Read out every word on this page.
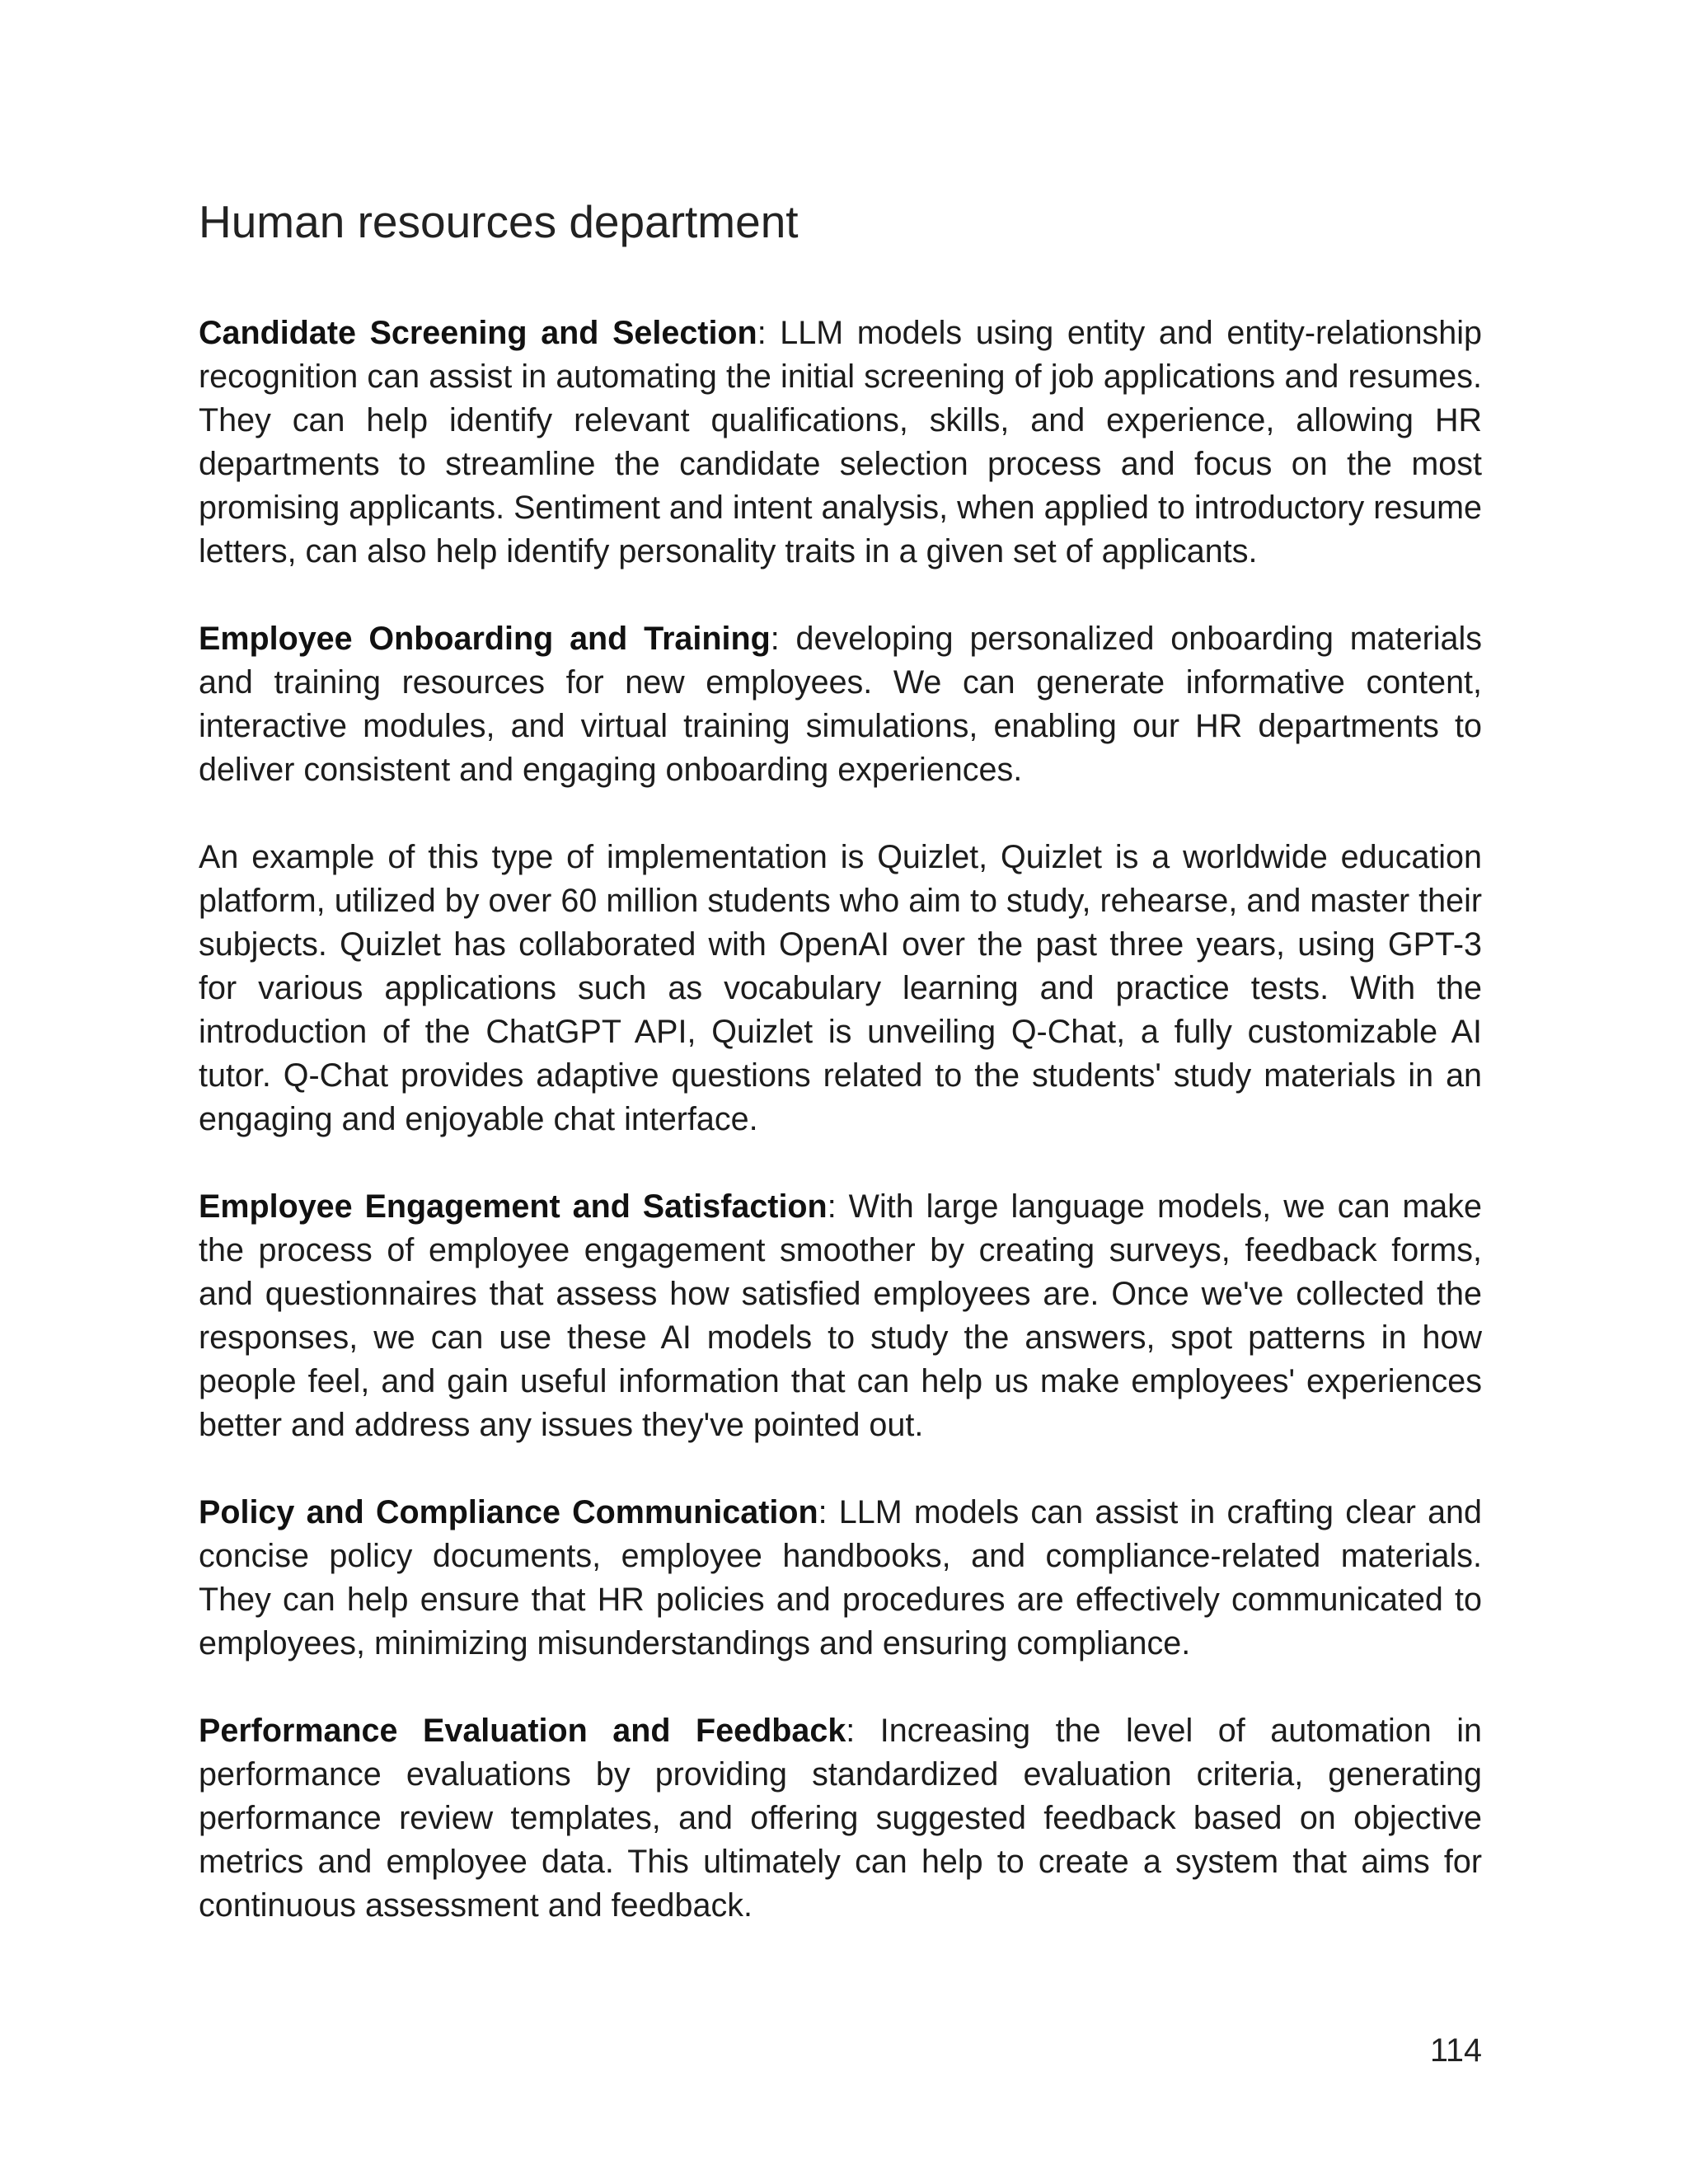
Human resources department

Candidate Screening and Selection: LLM models using entity and entity-relationship recognition can assist in automating the initial screening of job applications and resumes. They can help identify relevant qualifications, skills, and experience, allowing HR departments to streamline the candidate selection process and focus on the most promising applicants. Sentiment and intent analysis, when applied to introductory resume letters, can also help identify personality traits in a given set of applicants.

Employee Onboarding and Training: developing personalized onboarding materials and training resources for new employees. We can generate informative content, interactive modules, and virtual training simulations, enabling our HR departments to deliver consistent and engaging onboarding experiences.

An example of this type of implementation is Quizlet, Quizlet is a worldwide education platform, utilized by over 60 million students who aim to study, rehearse, and master their subjects. Quizlet has collaborated with OpenAI over the past three years, using GPT-3 for various applications such as vocabulary learning and practice tests. With the introduction of the ChatGPT API, Quizlet is unveiling Q-Chat, a fully customizable AI tutor. Q-Chat provides adaptive questions related to the students' study materials in an engaging and enjoyable chat interface.

Employee Engagement and Satisfaction: With large language models, we can make the process of employee engagement smoother by creating surveys, feedback forms, and questionnaires that assess how satisfied employees are. Once we've collected the responses, we can use these AI models to study the answers, spot patterns in how people feel, and gain useful information that can help us make employees' experiences better and address any issues they've pointed out.

Policy and Compliance Communication: LLM models can assist in crafting clear and concise policy documents, employee handbooks, and compliance-related materials. They can help ensure that HR policies and procedures are effectively communicated to employees, minimizing misunderstandings and ensuring compliance.

Performance Evaluation and Feedback: Increasing the level of automation in performance evaluations by providing standardized evaluation criteria, generating performance review templates, and offering suggested feedback based on objective metrics and employee data. This ultimately can help to create a system that aims for continuous assessment and feedback.

114
